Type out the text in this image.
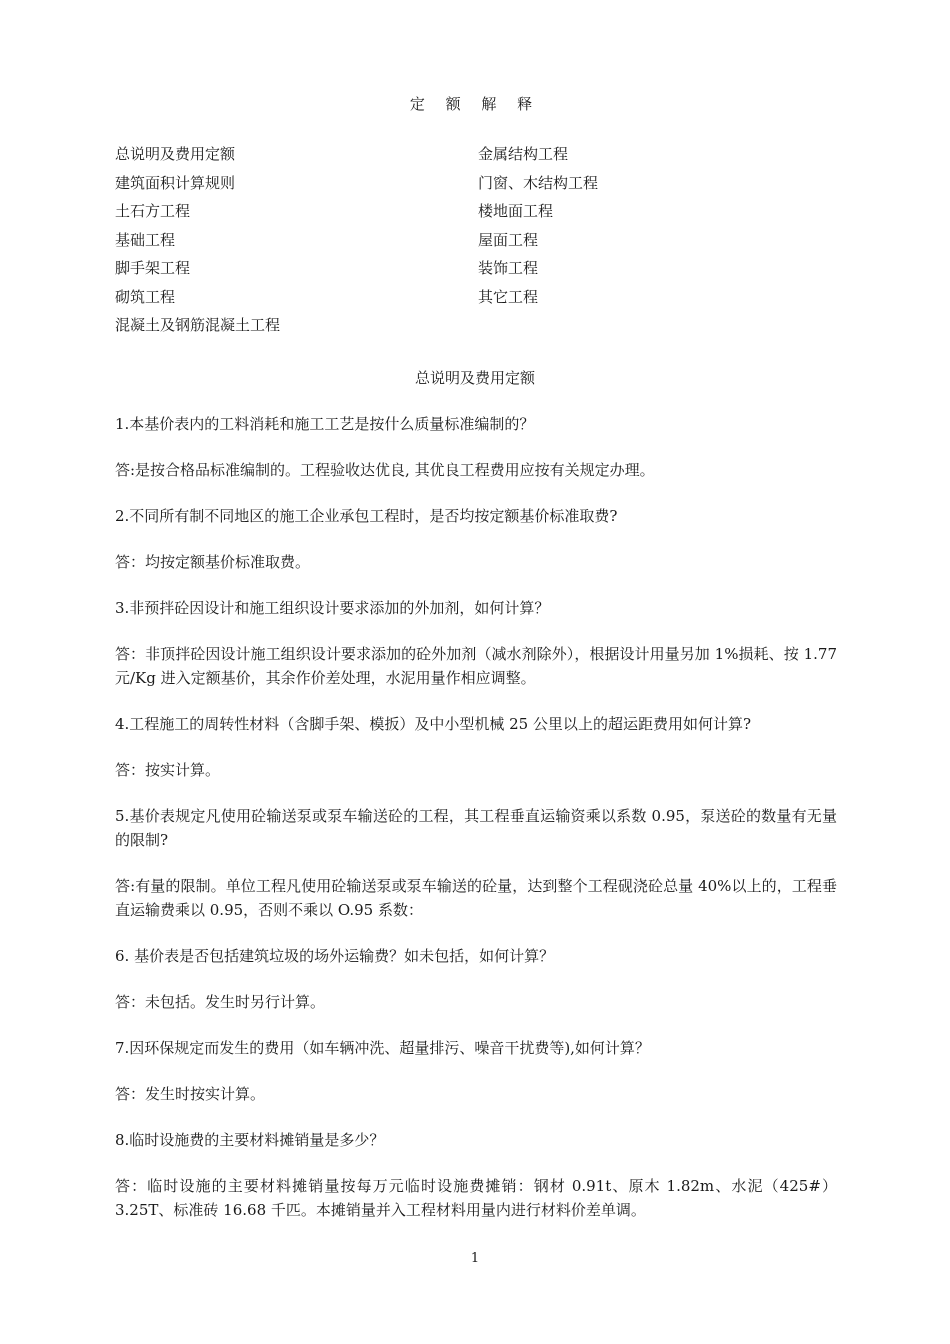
定 额 解 释
总说明及费用定额
建筑面积计算规则
土石方工程
基础工程
脚手架工程
砌筑工程
混凝土及钢筋混凝土工程
金属结构工程
门窗、木结构工程
楼地面工程
屋面工程
装饰工程
其它工程
总说明及费用定额

1.本基价表内的工料消耗和施工工艺是按什么质量标准编制的？

答:是按合格品标准编制的。工程验收达优良, 其优良工程费用应按有关规定办理。

2.不同所有制不同地区的施工企业承包工程时，是否均按定额基价标准取费?

答：均按定额基价标准取费。

3.非预拌砼因设计和施工组织设计要求添加的外加剂，如何计算？

答：非顶拌砼因设计施工组织设计要求添加的砼外加剂（减水剂除外），根据设计用量另加 1%损耗、按 1.77 元/Kg 进入定额基价，其余作价差处理，水泥用量作相应调整。

4.工程施工的周转性材料（含脚手架、模扳）及中小型机械 25 公里以上的超运距费用如何计算?

答：按实计算。

5.基价表规定凡使用砼输送泵或泵车输送砼的工程，其工程垂直运输资乘以系数 0.95，泵送砼的数量有无量的限制?

答:有量的限制。单位工程凡使用砼输送泵或泵车输送的砼量，达到整个工程砚浇砼总量 40%以上的，工程垂直运输费乘以 0.95，否则不乘以 O.95 系数：

6. 基价表是否包括建筑垃圾的场外运输费？如未包括，如何计算？

答：未包括。发生时另行计算。

7.因环保规定而发生的费用（如车辆冲洗、超量排污、噪音干扰费等),如何计算？

答：发生时按实计算。

8.临时设施费的主要材料摊销量是多少？

答：临时设施的主要材料摊销量按每万元临时设施费摊销：钢材 0.91t、原木 1.82m、水泥（425#）3.25T、标准砖 16.68 千匹。本摊销量并入工程材料用量内进行材料价差单调。

1
